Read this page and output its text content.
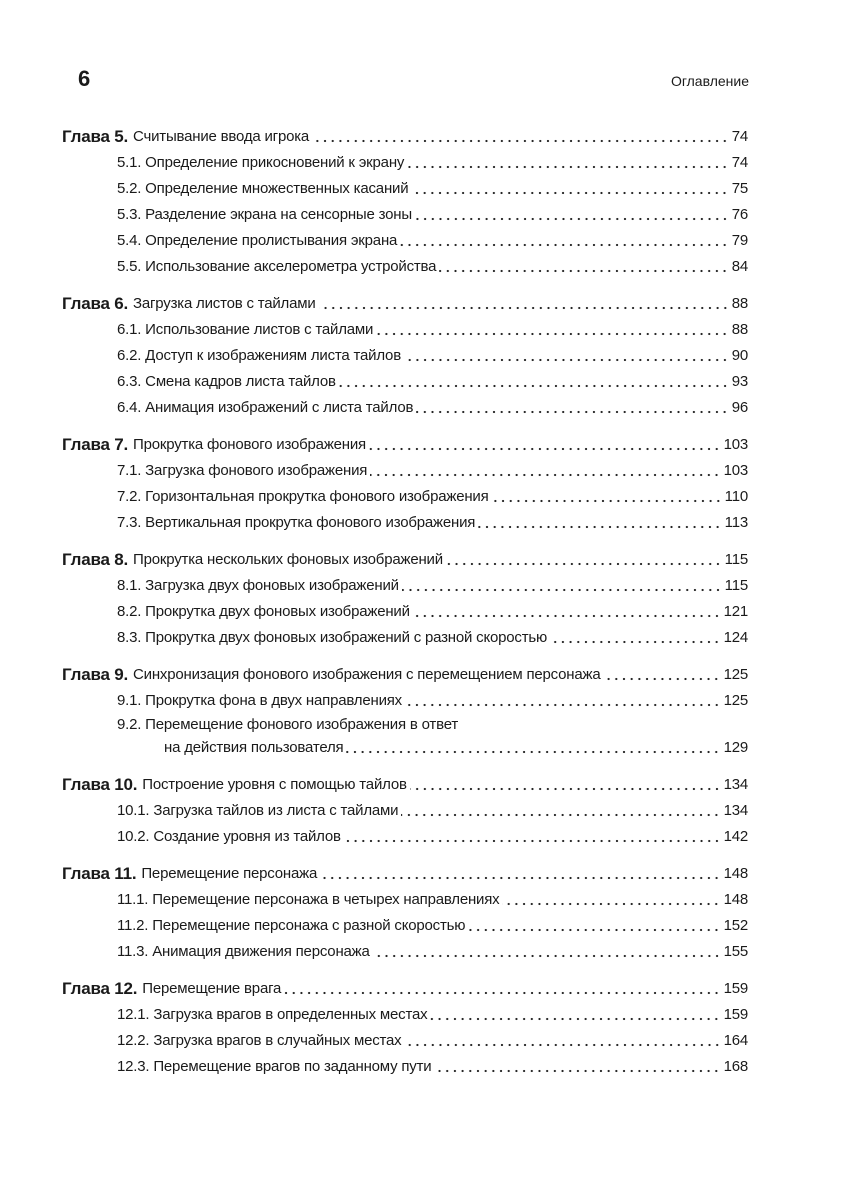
6	Оглавление
Глава 5. Считывание ввода игрока	74
5.1. Определение прикосновений к экрану	74
5.2. Определение множественных касаний	75
5.3. Разделение экрана на сенсорные зоны	76
5.4. Определение пролистывания экрана	79
5.5. Использование акселерометра устройства	84
Глава 6. Загрузка листов с тайлами	88
6.1. Использование листов с тайлами	88
6.2. Доступ к изображениям листа тайлов	90
6.3. Смена кадров листа тайлов	93
6.4. Анимация изображений с листа тайлов	96
Глава 7. Прокрутка фонового изображения	103
7.1. Загрузка фонового изображения	103
7.2. Горизонтальная прокрутка фонового изображения	110
7.3. Вертикальная прокрутка фонового изображения	113
Глава 8. Прокрутка нескольких фоновых изображений	115
8.1. Загрузка двух фоновых изображений	115
8.2. Прокрутка двух фоновых изображений	121
8.3. Прокрутка двух фоновых изображений с разной скоростью	124
Глава 9. Синхронизация фонового изображения с перемещением персонажа	125
9.1. Прокрутка фона в двух направлениях	125
9.2. Перемещение фонового изображения в ответ
на действия пользователя	129
Глава 10. Построение уровня с помощью тайлов	134
10.1. Загрузка тайлов из листа с тайлами	134
10.2. Создание уровня из тайлов	142
Глава 11. Перемещение персонажа	148
11.1. Перемещение персонажа в четырех направлениях	148
11.2. Перемещение персонажа с разной скоростью	152
11.3. Анимация движения персонажа	155
Глава 12. Перемещение врага	159
12.1. Загрузка врагов в определенных местах	159
12.2. Загрузка врагов в случайных местах	164
12.3. Перемещение врагов по заданному пути	168
